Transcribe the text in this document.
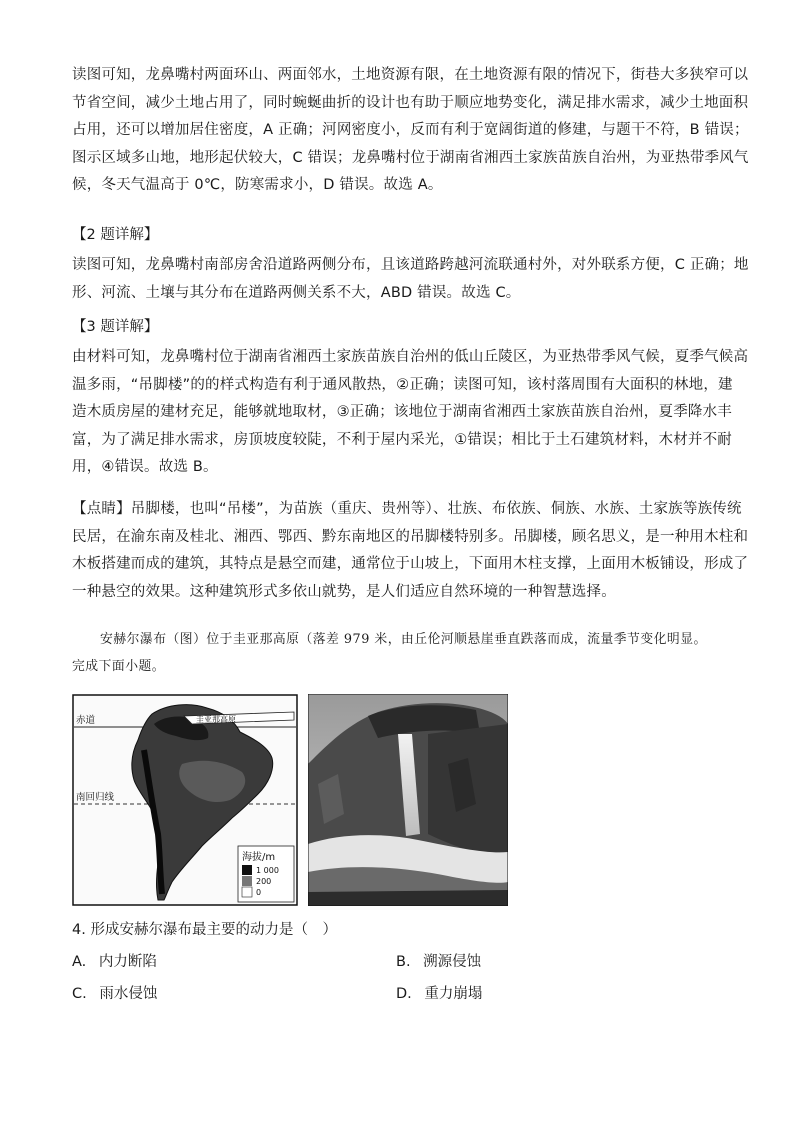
读图可知，龙鼻嘴村两面环山、两面邻水，土地资源有限，在土地资源有限的情况下，街巷大多狭窄可以
节省空间，减少土地占用了，同时蜿蜒曲折的设计也有助于顺应地势变化，满足排水需求，减少土地面积
占用，还可以增加居住密度，A 正确；河网密度小，反而有利于宽阔街道的修建，与题干不符，B 错误；
图示区域多山地，地形起伏较大，C 错误；龙鼻嘴村位于湖南省湘西土家族苗族自治州，为亚热带季风气
候，冬天气温高于 0℃，防寒需求小，D 错误。故选 A。
【2 题详解】
读图可知，龙鼻嘴村南部房舍沿道路两侧分布，且该道路跨越河流联通村外，对外联系方便，C 正确；地
形、河流、土壤与其分布在道路两侧关系不大，ABD 错误。故选 C。
【3 题详解】
由材料可知，龙鼻嘴村位于湖南省湘西土家族苗族自治州的低山丘陵区，为亚热带季风气候，夏季气候高
温多雨，“吊脚楼”的的样式构造有利于通风散热，②正确；读图可知，该村落周围有大面积的林地，建
造木质房屋的建材充足，能够就地取材，③正确；该地位于湖南省湘西土家族苗族自治州，夏季降水丰
富，为了满足排水需求，房顶坡度较陡，不利于屋内采光，①错误；相比于土石建筑材料，木材并不耐
用，④错误。故选 B。
【点睛】吊脚楼，也叫“吊楼”，为苗族（重庆、贵州等）、壮族、布依族、侗族、水族、土家族等族传统
民居，在渝东南及桂北、湘西、鄂西、黔东南地区的吊脚楼特别多。吊脚楼，顾名思义，是一种用木柱和
木板搭建而成的建筑，其特点是悬空而建，通常位于山坡上，下面用木柱支撑，上面用木板铺设，形成了
一种悬空的效果。这种建筑形式多依山就势，是人们适应自然环境的一种智慧选择。
安赫尔瀑布（图）位于圭亚那高原（落差 979 米，由丘伦河顺悬崖垂直跌落而成，流量季节变化明显。
完成下面小题。
赤道
南回归线
圭亚那高原
海拔/m
1 000
200
0
4. 形成安赫尔瀑布最主要的动力是（　）
A. 内力断陷	B. 溯源侵蚀
C. 雨水侵蚀	D. 重力崩塌
